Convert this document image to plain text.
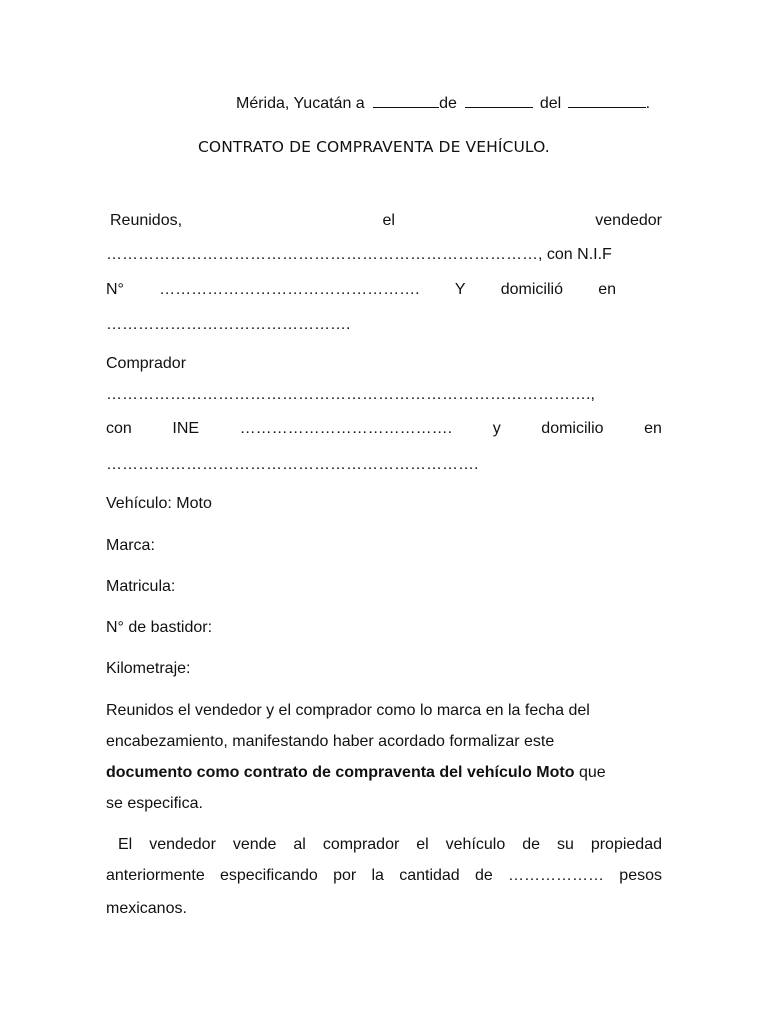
Mérida, Yucatán a	de	del	.
CONTRATO DE COMPRAVENTA DE VEHÍCULO.
Reunidos,	el	vendedor
………………………………………………………………………, con N.I.F
N° …………………………………………. Y domicilió en
……………………………………….
Comprador
……………………………………………………………………………….,
con	INE	………………………………….	y	domicilio	en
…………………………………………………………….
Vehículo: Moto
Marca:
Matricula:
N° de bastidor:
Kilometraje:
Reunidos el vendedor y el comprador como lo marca en la fecha del
encabezamiento, manifestando haber acordado formalizar este
documento como contrato de compraventa del vehículo Moto que
se especifica.
El vendedor vende al comprador el vehículo de su propiedad
anteriormente especificando por la cantidad de ……………… pesos
mexicanos.
